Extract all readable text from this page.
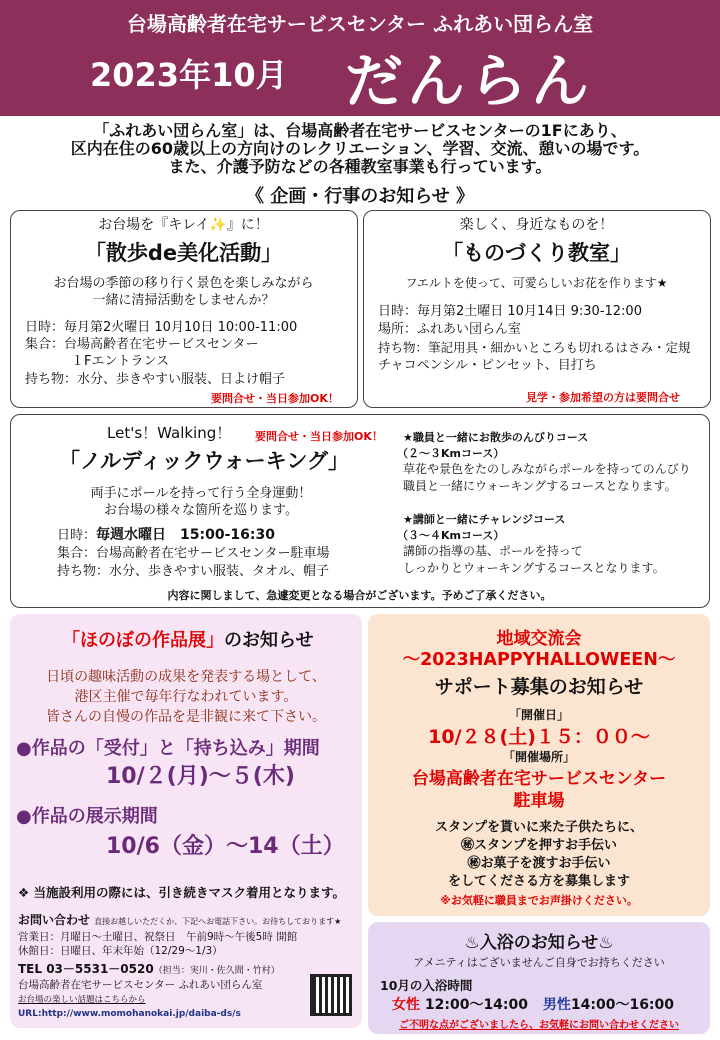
台場高齢者在宅サービスセンター ふれあい団らん室
2023年10月 だんらん
「ふれあい団らん室」は、台場高齢者在宅サービスセンターの1Fにあり、
区内在住の60歳以上の方向けのレクリエーション、学習、交流、憩いの場です。
また、介護予防などの各種教室事業も行っています。
《 企画・行事のお知らせ 》
お台場を『キレイ✨』に！
「散歩de美化活動」
お台場の季節の移り行く景色を楽しみながら
一緒に清掃活動をしませんか？
日時：毎月第2火曜日 10月10日 10:00-11:00
集合：台場高齢者在宅サービスセンター
１Fエントランス
持ち物：水分、歩きやすい服装、日よけ帽子
要問合せ・当日参加OK！
楽しく、身近なものを！
「ものづくり教室」
フエルトを使って、可愛らしいお花を作ります★
日時：毎月第2土曜日 10月14日 9:30-12:00
場所：ふれあい団らん室
持ち物：筆記用具・細かいところも切れるはさみ・定規
チャコペンシル・ピンセット、目打ち
見学・参加希望の方は要問合せ
Let's！Walking！ 要問合せ・当日参加OK！
「ノルディックウォーキング」
両手にポールを持って行う全身運動！
お台場の様々な箇所を巡ります。
日時：毎週水曜日　15:00-16:30
集合：台場高齢者在宅サービスセンター駐車場
持ち物：水分、歩きやすい服装、タオル、帽子
★職員と一緒にお散歩のんびりコース
（２～３Kmコース）
草花や景色をたのしみながらポールを持ってのんびり
職員と一緒にウォーキングするコースとなります。
★講師と一緒にチャレンジコース
（３～４Kmコース）
講師の指導の基、ポールを持って
しっかりとウォーキングするコースとなります。
内容に関しまして、急遽変更となる場合がございます。予めご了承ください。
「ほのぼの作品展」のお知らせ
日頃の趣味活動の成果を発表する場として、
港区主催で毎年行なわれています。
皆さんの自慢の作品を是非観に来て下さい。
●作品の「受付」と「持ち込み」期間
10/２(月)～５(木)
●作品の展示期間
10/6（金）～14（土）
❖ 当施設利用の際には、引き続きマスク着用となります。
お問い合わせ 直接お越しいただくか、下記へお電話下さい。お待ちしております★
営業日：月曜日～土曜日、祝祭日　午前9時～午後5時 開館
休館日：日曜日、年末年始（12/29～1/3）
TEL 03－5531－0520（担当：実川・佐久間・竹村）
台場高齢者在宅サービスセンター ふれあい団らん室
お台場の楽しい話題はこちらから
URL:http://www.momohanokai.jp/daiba-ds/s
地域交流会
～2023HAPPYHALLOWEEN～
サポート募集のお知らせ
「開催日」
10/２８(土)１５：００～
「開催場所」
台場高齢者在宅サービスセンター
駐車場
スタンプを貰いに来た子供たちに、
㊙スタンプを押すお手伝い
㊙お菓子を渡すお手伝い
をしてくださる方を募集します
※お気軽に職員までお声掛けください。
♨入浴のお知らせ♨
アメニティはございませんご自身でお持ちください
10月の入浴時間
女性 12:00～14:00 男性14:00～16:00
ご不明な点がございましたら、お気軽にお問い合わせください
